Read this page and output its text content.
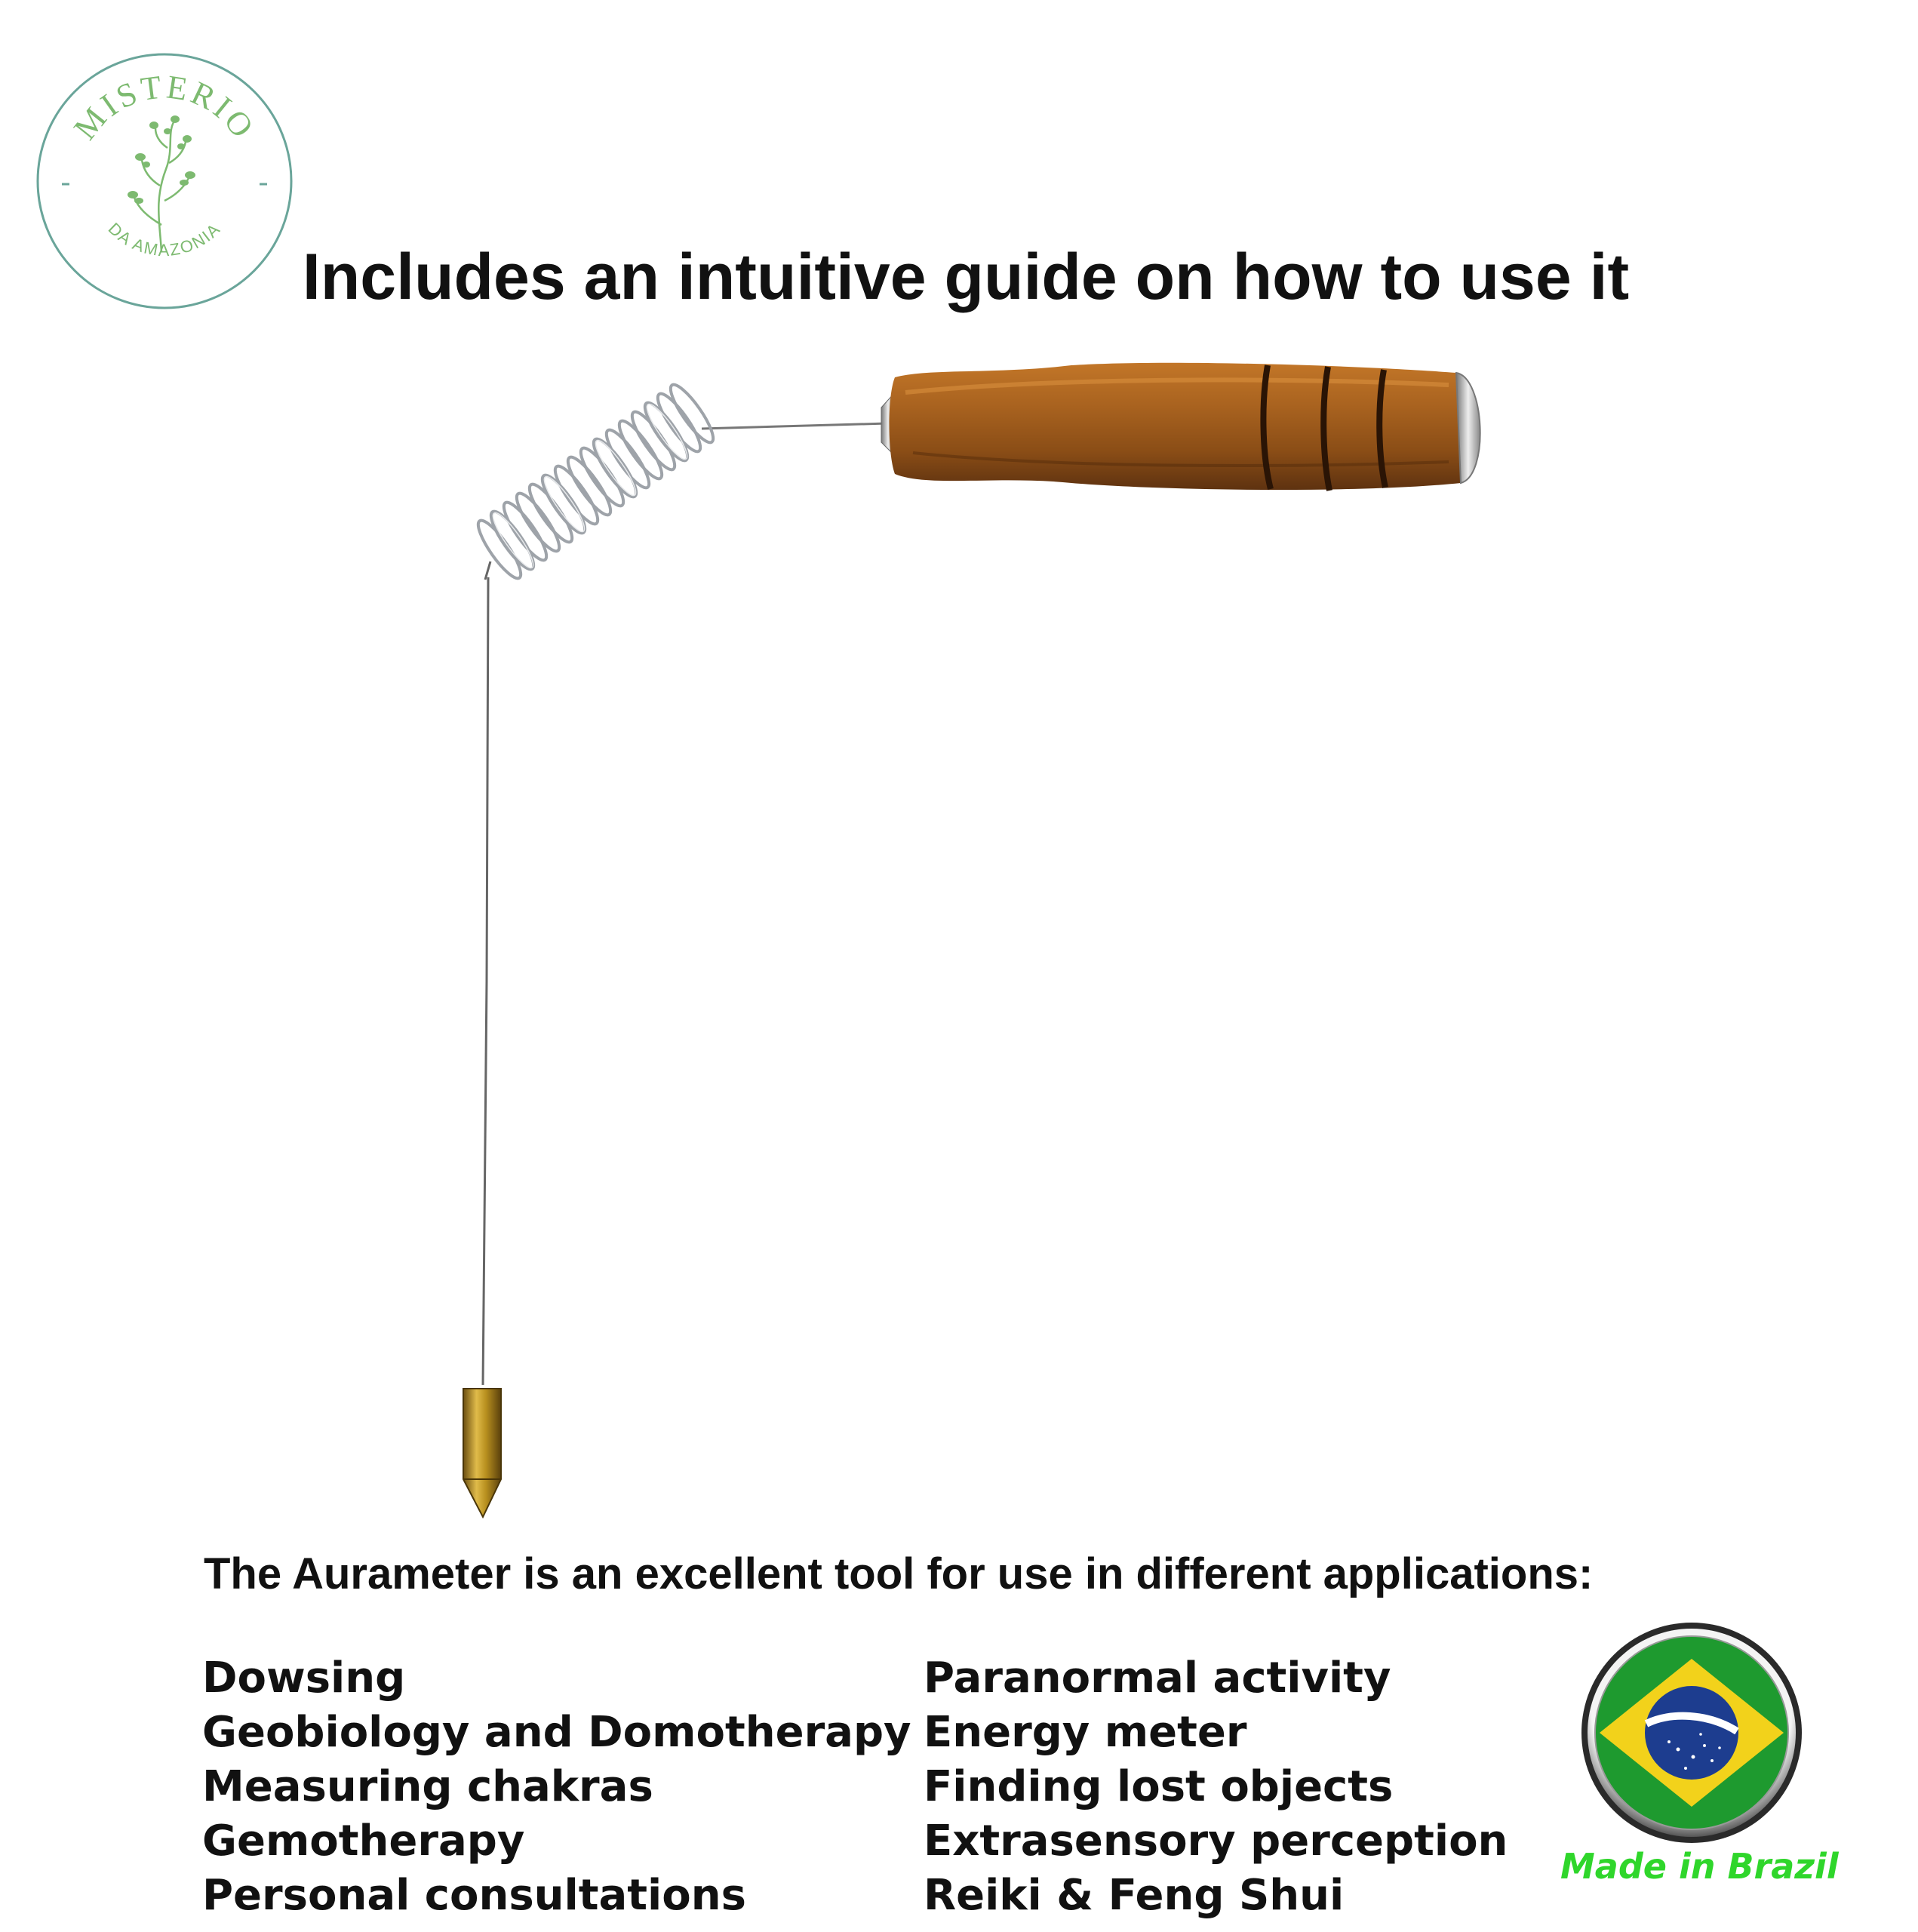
MISTERIO
DA AMAZONIA
Includes an intuitive guide on how to use it

The Aurameter is an excellent tool for use in different applications:

Dowsing
Geobiology and Domotherapy
Measuring chakras
Gemotherapy
Personal consultations
Paranormal activity
Energy meter
Finding lost objects
Extrasensory perception
Reiki & Feng Shui
Made in Brazil
